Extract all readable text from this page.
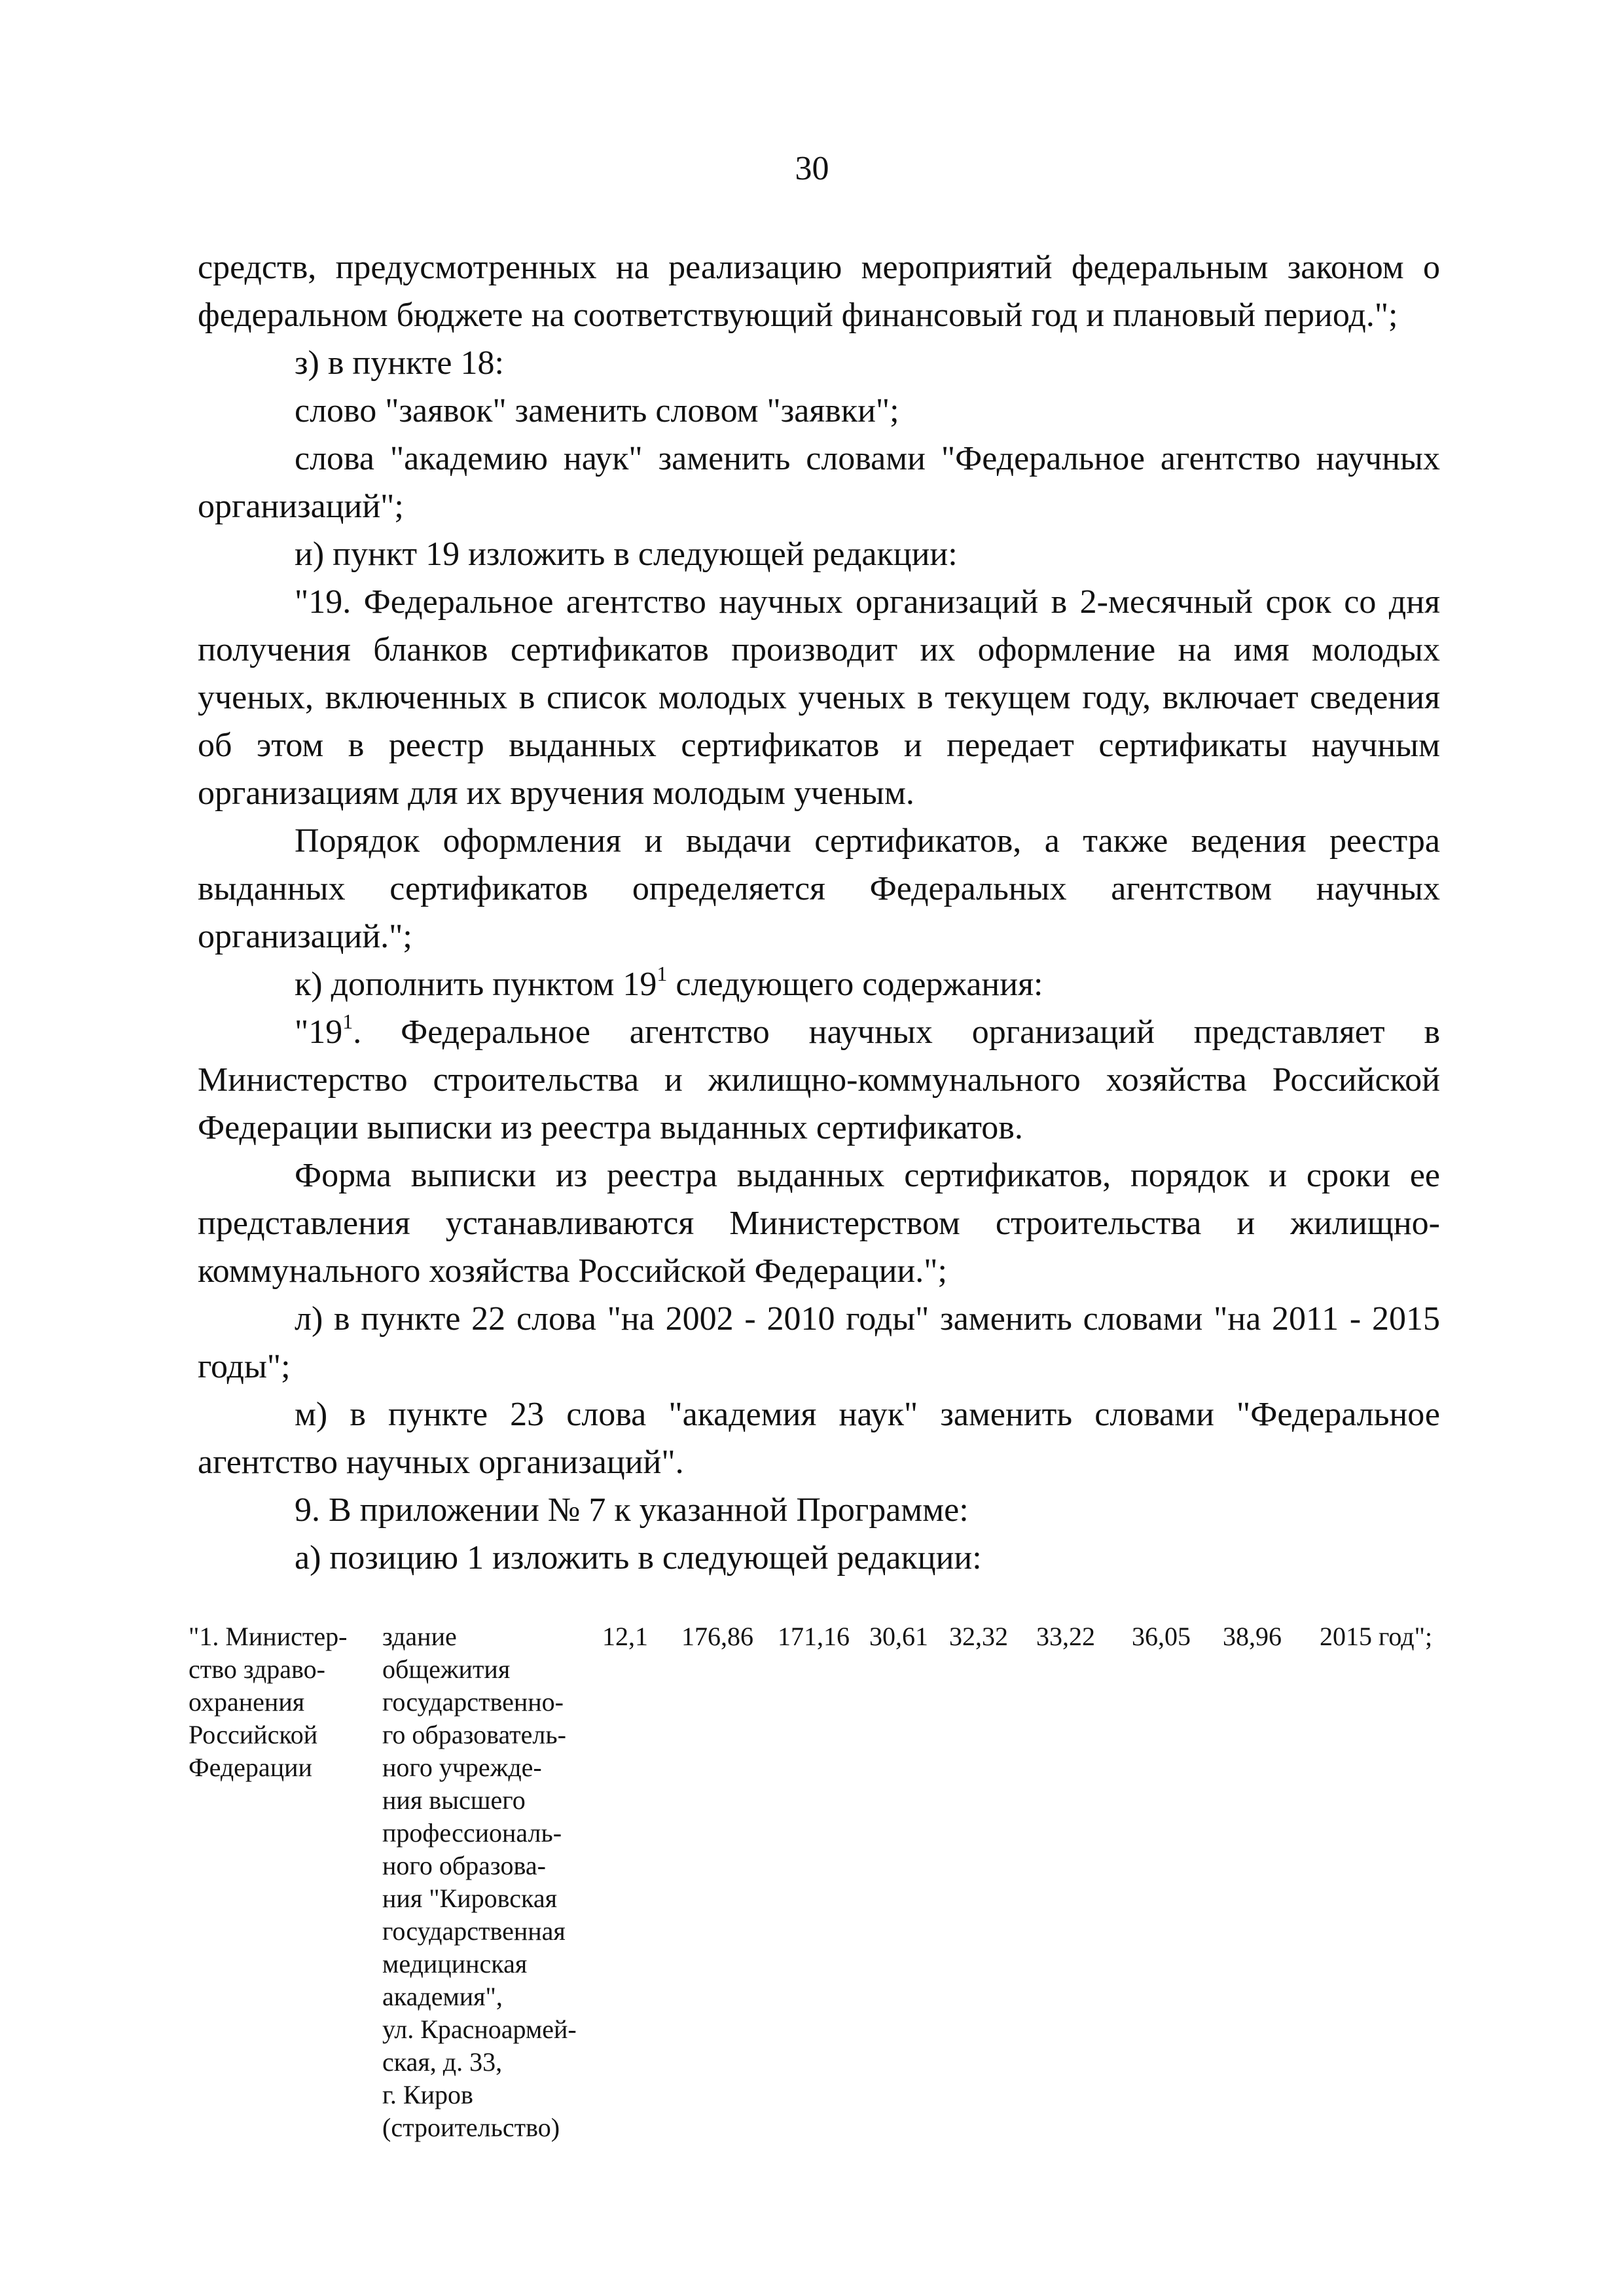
30

средств, предусмотренных на реализацию мероприятий федеральным законом о федеральном бюджете на соответствующий финансовый год и плановый период.";

з) в пункте 18:

слово "заявок" заменить словом "заявки";

слова "академию наук" заменить словами "Федеральное агентство научных организаций";

и) пункт 19 изложить в следующей редакции:

"19. Федеральное агентство научных организаций в 2-месячный срок со дня получения бланков сертификатов производит их оформление на имя молодых ученых, включенных в список молодых ученых в текущем году, включает сведения об этом в реестр выданных сертификатов и передает сертификаты научным организациям для их вручения молодым ученым.

Порядок оформления и выдачи сертификатов, а также ведения реестра выданных сертификатов определяется Федеральных агентством научных организаций.";

к) дополнить пунктом $19^1$ следующего содержания:

"$19^1$. Федеральное агентство научных организаций представляет в Министерство строительства и жилищно-коммунального хозяйства Российской Федерации выписки из реестра выданных сертификатов.

Форма выписки из реестра выданных сертификатов, порядок и сроки ее представления устанавливаются Министерством строительства и жилищно-коммунального хозяйства Российской Федерации.";

л) в пункте 22 слова "на 2002 - 2010 годы" заменить словами "на 2011 - 2015 годы";

м) в пункте 23 слова "академия наук" заменить словами "Федеральное агентство научных организаций".

9. В приложении № 7 к указанной Программе:

а) позицию 1 изложить в следующей редакции:

"1. Министер-
ство здраво-
охранения
Российской
Федерации
здание
общежития
государственно-
го образователь-
ного учрежде-
ния высшего
профессиональ-
ного образова-
ния "Кировская
государственная
медицинская
академия",
ул. Красноармей-
ская, д. 33,
г. Киров
(строительство)
12,1 176,86 171,16 30,61 32,32 33,22 36,05 38,96 2015 год";
